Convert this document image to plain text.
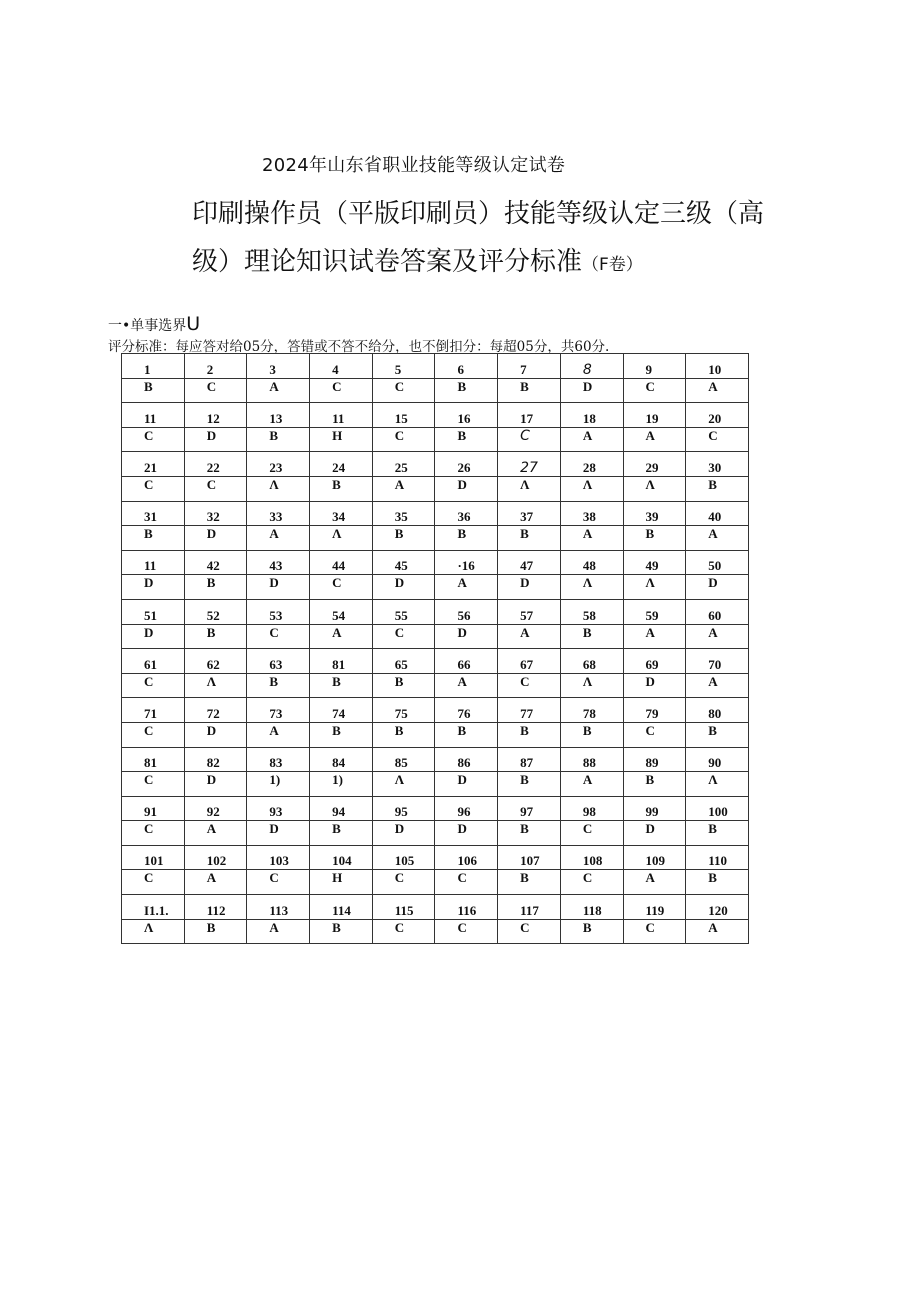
2024年山东省职业技能等级认定试卷
印刷操作员（平版印刷员）技能等级认定三级（高
级）理论知识试卷答案及评分标准（F卷）
一•单事选界U
评分标准：每应答对给05分，答错或不答不给分，也不倒扣分：每超05分，共60分.
1	2	3	4	5	6	7	8	9	10
B	C	A	C	C	B	B	D	C	A
11	12	13	11	15	16	17	18	19	20
C	D	B	H	C	B	C	A	A	C
21	22	23	24	25	26	27	28	29	30
C	C	Λ	B	A	D	Λ	Λ	Λ	B
31	32	33	34	35	36	37	38	39	40
B	D	A	Λ	B	B	B	A	B	A
11	42	43	44	45	·16	47	48	49	50
D	B	D	C	D	A	D	Λ	Λ	D
51	52	53	54	55	56	57	58	59	60
D	B	C	A	C	D	A	B	A	A
61	62	63	81	65	66	67	68	69	70
C	Λ	B	B	B	A	C	Λ	D	A
71	72	73	74	75	76	77	78	79	80
C	D	A	B	B	B	B	B	C	B
81	82	83	84	85	86	87	88	89	90
C	D	1)	1)	Λ	D	B	A	B	Λ
91	92	93	94	95	96	97	98	99	100
C	A	D	B	D	D	B	C	D	B
101	102	103	104	105	106	107	108	109	110
C	A	C	H	C	C	B	C	A	B
I1.1.	112	113	114	115	116	117	118	119	120
Λ	B	A	B	C	C	C	B	C	A
